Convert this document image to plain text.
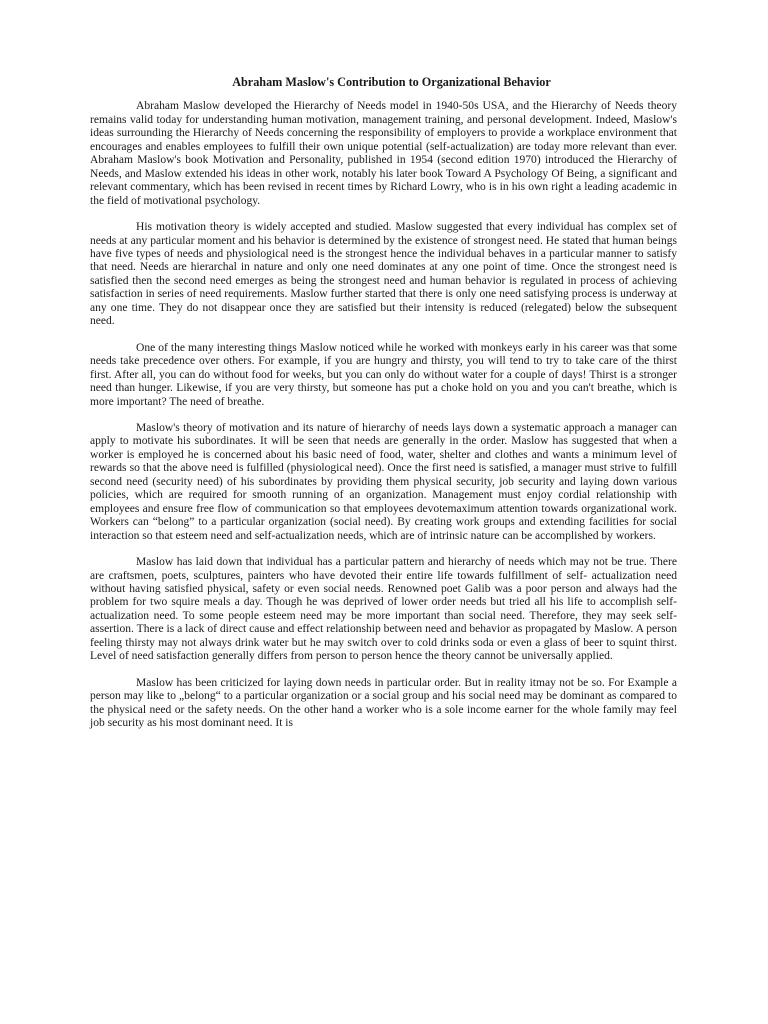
Abraham Maslow's Contribution to Organizational Behavior

Abraham Maslow developed the Hierarchy of Needs model in 1940-50s USA, and the Hierarchy of Needs theory remains valid today for understanding human motivation, management training, and personal development. Indeed, Maslow's ideas surrounding the Hierarchy of Needs concerning the responsibility of employers to provide a workplace environment that encourages and enables employees to fulfill their own unique potential (self-actualization) are today more relevant than ever. Abraham Maslow's book Motivation and Personality, published in 1954 (second edition 1970) introduced the Hierarchy of Needs, and Maslow extended his ideas in other work, notably his later book Toward A Psychology Of Being, a significant and relevant commentary, which has been revised in recent times by Richard Lowry, who is in his own right a leading academic in the field of motivational psychology.

His motivation theory is widely accepted and studied. Maslow suggested that every individual has complex set of needs at any particular moment and his behavior is determined by the existence of strongest need. He stated that human beings have five types of needs and physiological need is the strongest hence the individual behaves in a particular manner to satisfy that need. Needs are hierarchal in nature and only one need dominates at any one point of time. Once the strongest need is satisfied then the second need emerges as being the strongest need and human behavior is regulated in process of achieving satisfaction in series of need requirements. Maslow further started that there is only one need satisfying process is underway at any one time. They do not disappear once they are satisfied but their intensity is reduced (relegated) below the subsequent need.

One of the many interesting things Maslow noticed while he worked with monkeys early in his career was that some needs take precedence over others. For example, if you are hungry and thirsty, you will tend to try to take care of the thirst first. After all, you can do without food for weeks, but you can only do without water for a couple of days! Thirst is a stronger need than hunger. Likewise, if you are very thirsty, but someone has put a choke hold on you and you can't breathe, which is more important? The need of breathe.

Maslow's theory of motivation and its nature of hierarchy of needs lays down a systematic approach a manager can apply to motivate his subordinates. It will be seen that needs are generally in the order. Maslow has suggested that when a worker is employed he is concerned about his basic need of food, water, shelter and clothes and wants a minimum level of rewards so that the above need is fulfilled (physiological need). Once the first need is satisfied, a manager must strive to fulfill second need (security need) of his subordinates by providing them physical security, job security and laying down various policies, which are required for smooth running of an organization. Management must enjoy cordial relationship with employees and ensure free flow of communication so that employees devotemaximum attention towards organizational work. Workers can “belong” to a particular organization (social need). By creating work groups and extending facilities for social interaction so that esteem need and self-actualization needs, which are of intrinsic nature can be accomplished by workers.

Maslow has laid down that individual has a particular pattern and hierarchy of needs which may not be true. There are craftsmen, poets, sculptures, painters who have devoted their entire life towards fulfillment of self- actualization need without having satisfied physical, safety or even social needs. Renowned poet Galib was a poor person and always had the problem for two squire meals a day. Though he was deprived of lower order needs but tried all his life to accomplish self-actualization need. To some people esteem need may be more important than social need. Therefore, they may seek self-assertion. There is a lack of direct cause and effect relationship between need and behavior as propagated by Maslow. A person feeling thirsty may not always drink water but he may switch over to cold drinks soda or even a glass of beer to squint thirst. Level of need satisfaction generally differs from person to person hence the theory cannot be universally applied.

Maslow has been criticized for laying down needs in particular order. But in reality itmay not be so. For Example a person may like to „belong“ to a particular organization or a social group and his social need may be dominant as compared to the physical need or the safety needs. On the other hand a worker who is a sole income earner for the whole family may feel job security as his most dominant need. It is
